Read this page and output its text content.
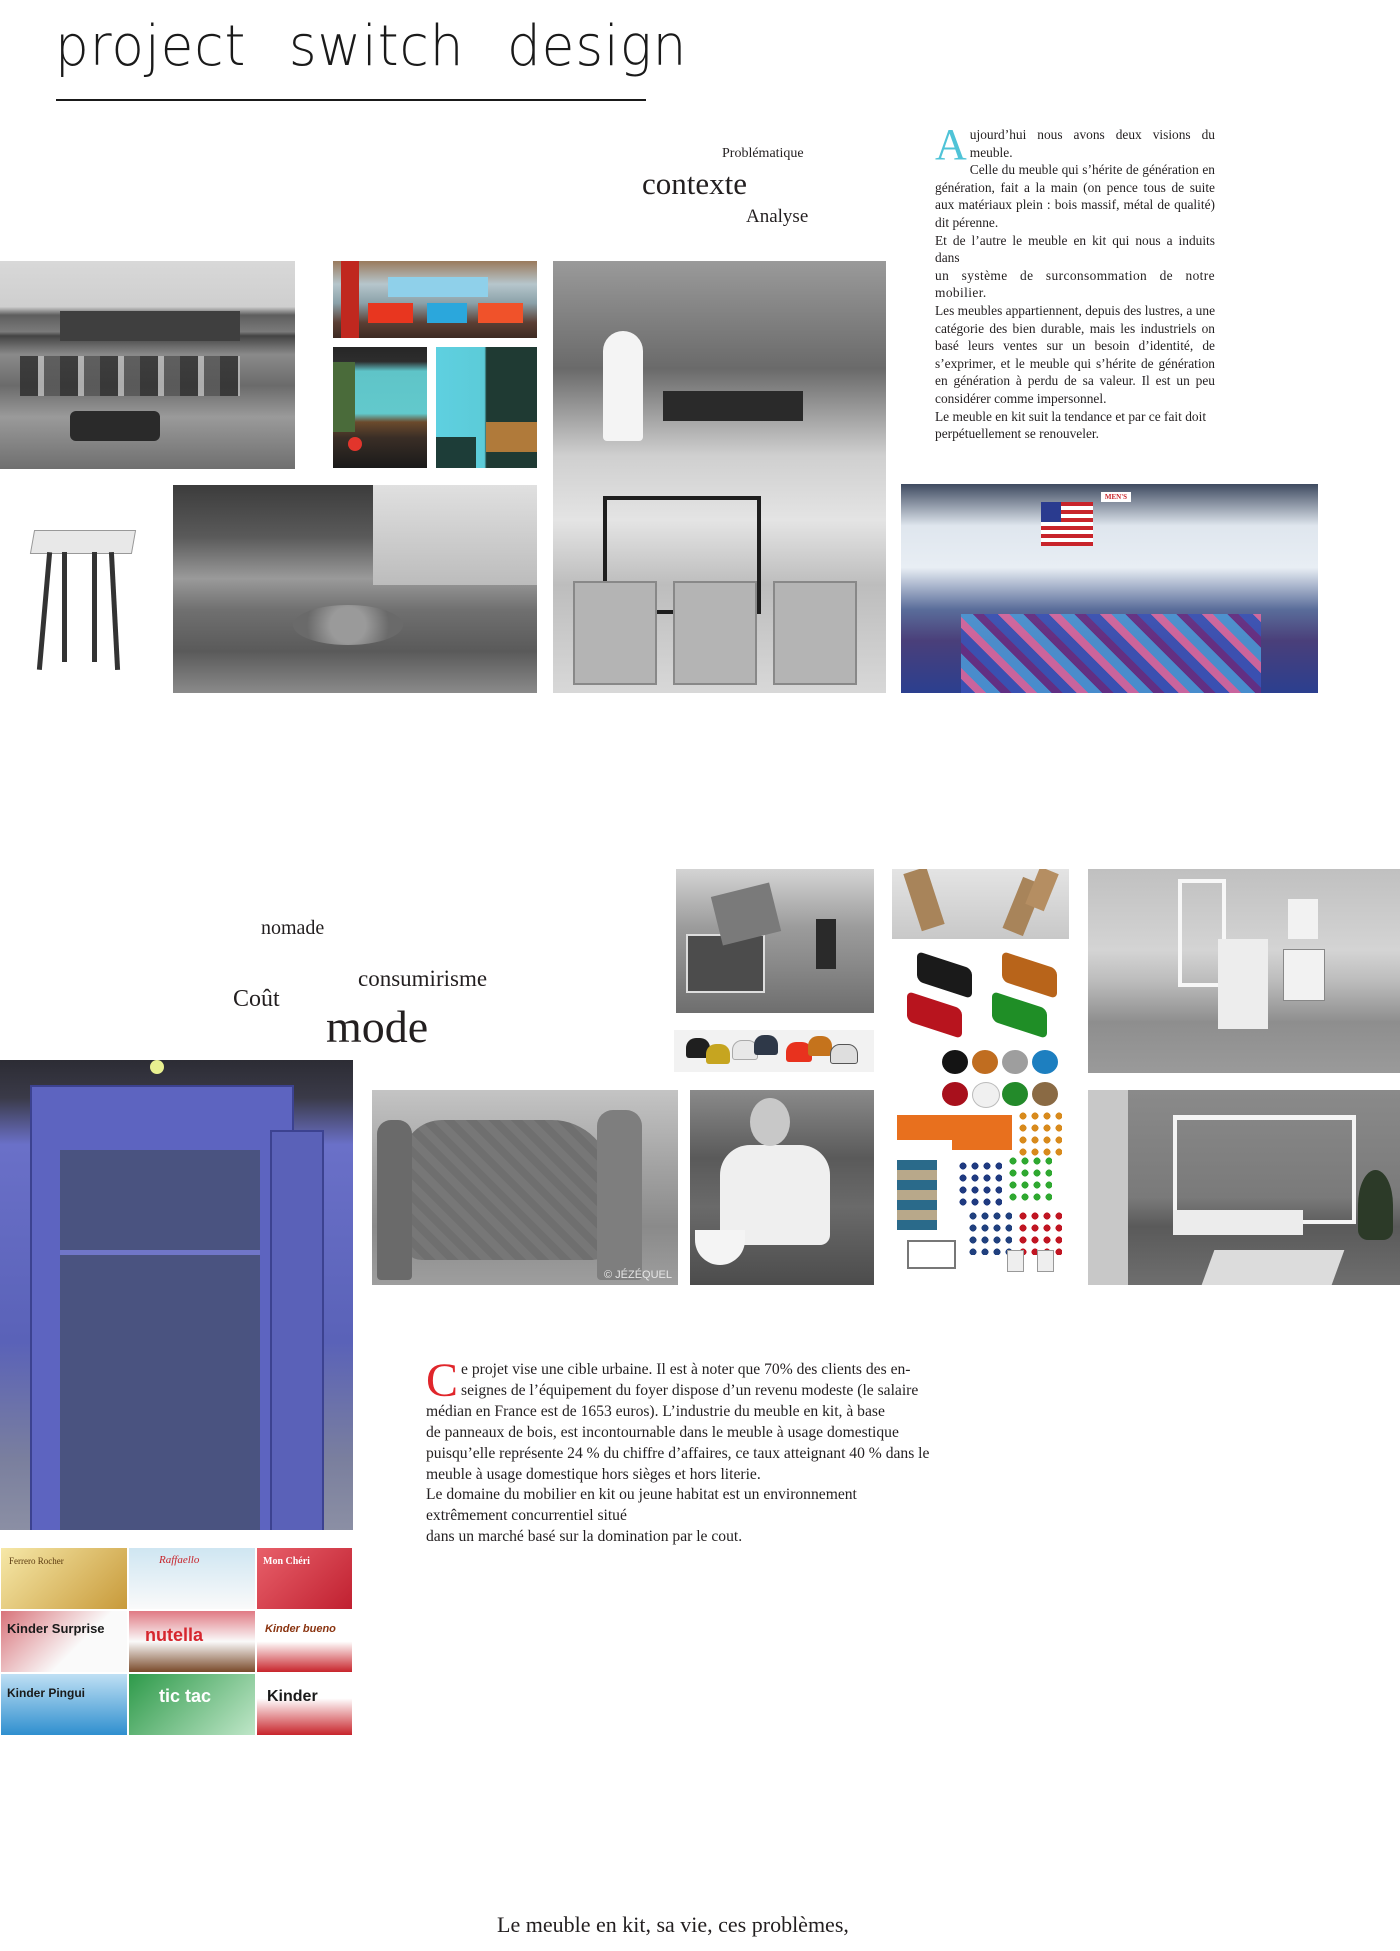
project switch design
Problématique
contexte
Analyse

Aujourd’hui nous avons deux visions du meuble.

Celle du meuble qui s’hérite de génération en génération, fait a la main (on pence tous de suite aux matériaux plein : bois massif, métal de qualité) dit pérenne.

Et de l’autre le meuble en kit qui nous a induits dans

un système de surconsommation de notre mobilier.

Les meubles appartiennent, depuis des lustres, a une catégorie des bien durable, mais les industriels on basé leurs ventes sur un besoin d’identité, de s’exprimer, et le meuble qui s’hérite de génération en génération à perdu de sa valeur. Il est un peu considérer comme impersonnel.

Le meuble en kit suit la tendance et par ce fait doit perpétuellement se renouveler.

MEN'S
nomade
consumirisme
Coût
mode
© JÉZÉQUEL

Ce projet vise une cible urbaine. Il est à noter que 70% des clients des en-

seignes de l’équipement du foyer dispose d’un revenu modeste (le salaire

médian en France est de 1653 euros). L’industrie du meuble en kit, à base

de panneaux de bois, est incontournable dans le meuble à usage domestique

puisqu’elle représente 24 % du chiffre d’affaires, ce taux atteignant 40 % dans le

meuble à usage domestique hors sièges et hors literie.

Le domaine du mobilier en kit ou jeune habitat est un environnement

extrêmement concurrentiel situé

dans un marché basé sur la domination par le cout.

Ferrero Rocher	Raffaello	Mon Chéri
Kinder Surprise	nutella	Kinder bueno
Kinder Pingui	tic tac	Kinder
Le meuble en kit, sa vie, ces problèmes,
